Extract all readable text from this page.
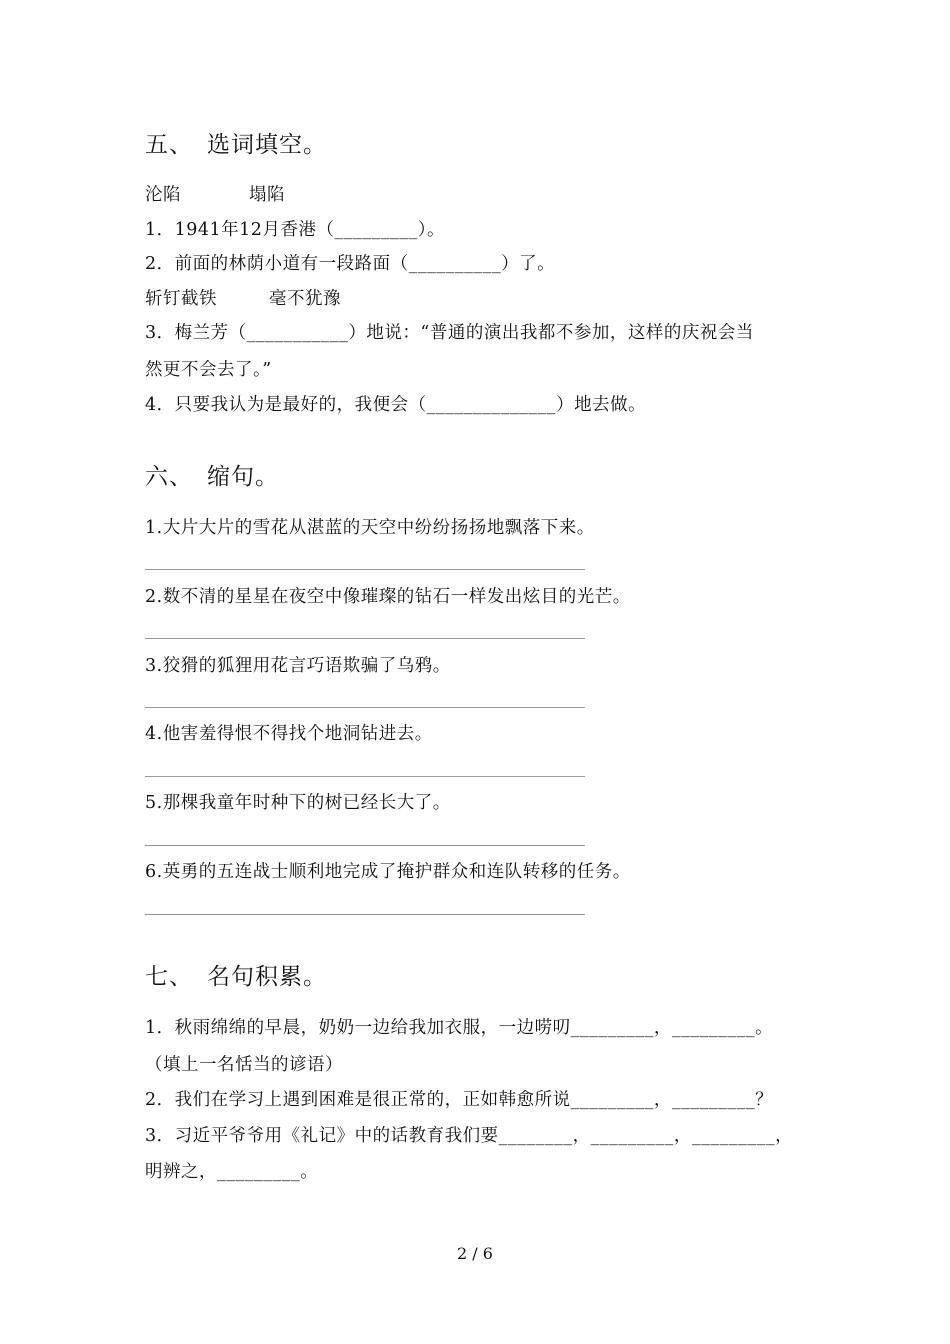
五、 选词填空。
沦陷	塌陷
1．1941年12月香港（_________）。
2．前面的林荫小道有一段路面（__________）了。
斩钉截铁	毫不犹豫
3．梅兰芳（___________）地说：“普通的演出我都不参加，这样的庆祝会当
然更不会去了。”
4．只要我认为是最好的，我便会（______________）地去做。
六、 缩句。
1.大片大片的雪花从湛蓝的天空中纷纷扬扬地飘落下来。
2.数不清的星星在夜空中像璀璨的钻石一样发出炫目的光芒。
3.狡猾的狐狸用花言巧语欺骗了乌鸦。
4.他害羞得恨不得找个地洞钻进去。
5.那棵我童年时种下的树已经长大了。
6.英勇的五连战士顺利地完成了掩护群众和连队转移的任务。
七、 名句积累。
1．秋雨绵绵的早晨，奶奶一边给我加衣服，一边唠叨_________，_________。
（填上一名恬当的谚语）
2．我们在学习上遇到困难是很正常的，正如韩愈所说_________，_________？
3．习近平爷爷用《礼记》中的话教育我们要________，_________，_________，
明辨之，_________。
2 / 6
